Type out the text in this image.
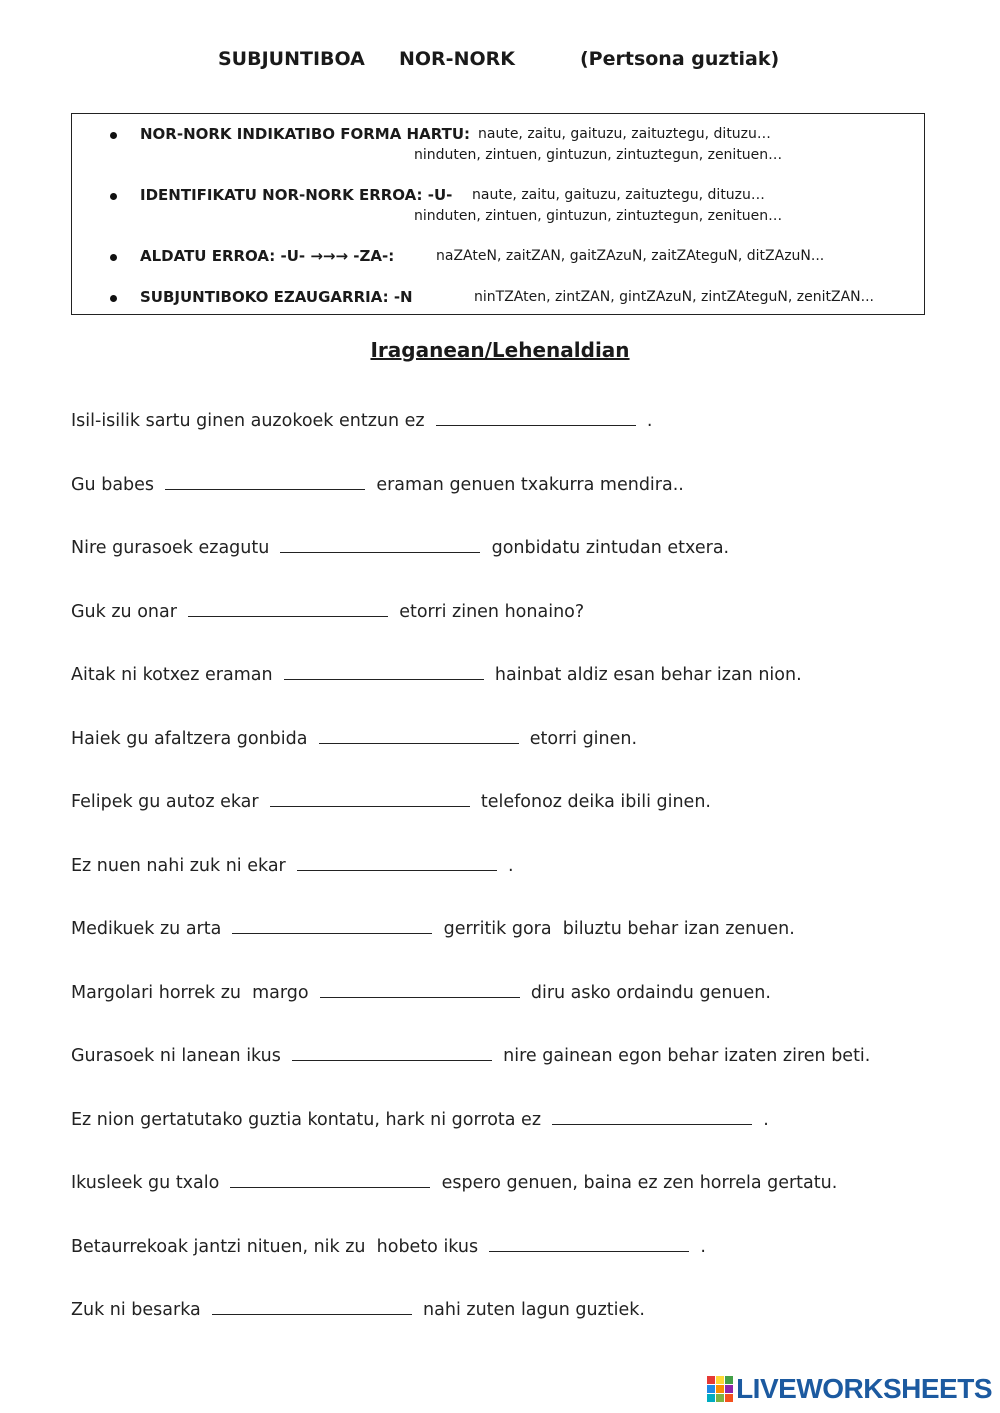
SUBJUNTIBOA

NOR-NORK

	(Pertsona guztiak)

NOR-NORK INDIKATIBO FORMA HARTU: naute, zaitu, gaituzu, zaituztegu, dituzu…
ninduten, zintuen, gintuzun, zintuztegun, zenituen…
IDENTIFIKATU NOR-NORK ERROA: -U- naute, zaitu, gaituzu, zaituztegu, dituzu…
ninduten, zintuen, gintuzun, zintuztegun, zenituen…
ALDATU ERROA: -U- →→→ -ZA-:	naZAteN, zaitZAN, gaitZAzuN, zaitZAteguN, ditZAzuN...
SUBJUNTIBOKO EZAUGARRIA: -N	ninTZAten, zintZAN, gintZAzuN, zintZAteguN, zenitZAN...
Iraganean/Lehenaldian
Isil-isilik sartu ginen auzokoek entzun ez	.
Gu babes	eraman genuen txakurra mendira..
Nire gurasoek ezagutu	gonbidatu zintudan etxera.
Guk zu onar	etorri zinen honaino?
Aitak ni kotxez eraman	hainbat aldiz esan behar izan nion.
Haiek gu afaltzera gonbida	etorri ginen.
Felipek gu autoz ekar	telefonoz deika ibili ginen.
Ez nuen nahi zuk ni ekar	.
Medikuek zu arta	gerritik gora  biluztu behar izan zenuen.
Margolari horrek zu  margo	diru asko ordaindu genuen.
Gurasoek ni lanean ikus	nire gainean egon behar izaten ziren beti.
Ez nion gertatutako guztia kontatu, hark ni gorrota ez	.
Ikusleek gu txalo	espero genuen, baina ez zen horrela gertatu.
Betaurrekoak jantzi nituen, nik zu  hobeto ikus	.
Zuk ni besarka	nahi zuten lagun guztiek.
LIVEWORKSHEETS
